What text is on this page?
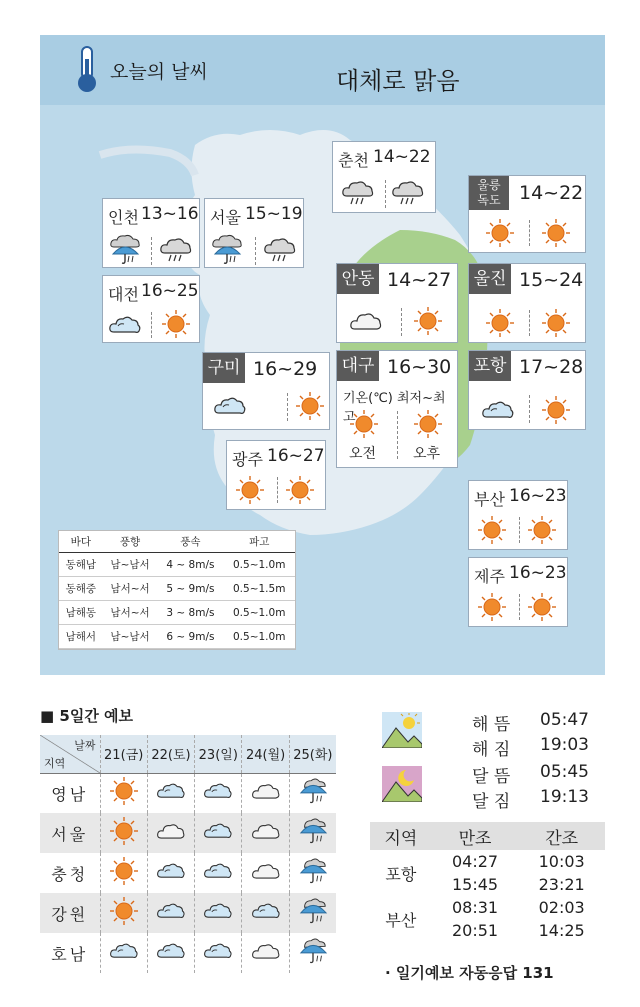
오늘의 날씨	대체로 맑음
춘천 14~22
인천 13~16 서울 15~19
대전 16~25
구미 16~29
광주 16~27
울릉
독도 14~22
안동 14~27 울진 15~24
대구 16~30
기온(℃) 최저~최고
오전	오후
포항 17~28
부산 16~23
제주 16~23
바다	풍향	풍속	파고
동해남	남~남서	4 ~ 8m/s	0.5~1.0m
동해중	남서~서	5 ~ 9m/s	0.5~1.5m
남해동	남서~서	3 ~ 8m/s	0.5~1.0m
남해서	남~남서	6 ~ 9m/s	0.5~1.0m
■ 5일간 예보
날짜
지역	21(금)	22(토)	23(일)	24(월)	25(화)
영남					
서울					
충청					
강원					
호남					
해 뜸 05:47
해 짐 19:03
달 뜸 05:45
달 짐 19:13
지역	만조	간조
포항	04:27	10:03
	15:45	23:21
부산	08:31	02:03
	20:51	14:25
· 일기예보 자동응답 131
